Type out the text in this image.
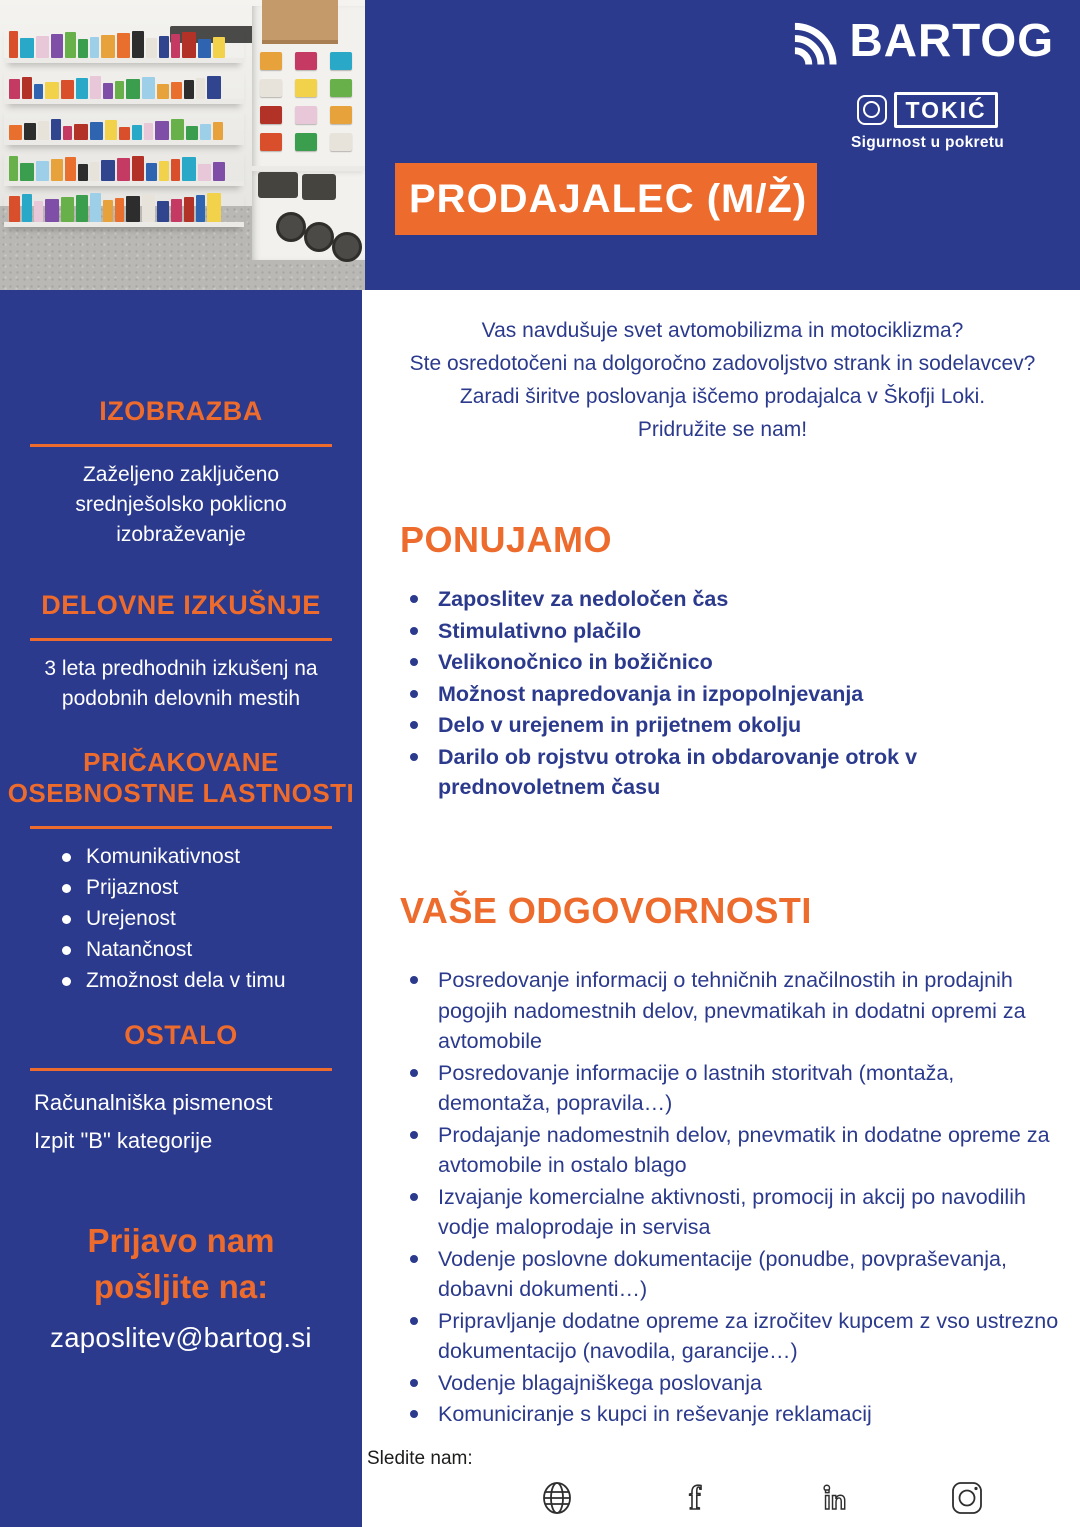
BARTOG
TOKIĆ
Sigurnost u pokretu
PRODAJALEC (M/Ž)
IZOBRAZBA

Zaželjeno zaključeno srednješolsko poklicno izobraževanje

DELOVNE IZKUŠNJE

3 leta predhodnih izkušenj na podobnih delovnih mestih

PRIČAKOVANE OSEBNOSTNE LASTNOSTI
Komunikativnost
Prijaznost
Urejenost
Natančnost
Zmožnost dela v timu
OSTALO
Računalniška pismenost
Izpit "B" kategorije
Prijavo nam pošljite na:
zaposlitev@bartog.si
Vas navdušuje svet avtomobilizma in motociklizma?
Ste osredotočeni na dolgoročno zadovoljstvo strank in sodelavcev?
Zaradi širitve poslovanja iščemo prodajalca v Škofji Loki.
Pridružite se nam!
PONUJAMO
Zaposlitev za nedoločen čas
Stimulativno plačilo
Velikonočnico in božičnico
Možnost napredovanja in izpopolnjevanja
Delo v urejenem in prijetnem okolju
Darilo ob rojstvu otroka in obdarovanje otrok v prednovoletnem času
VAŠE ODGOVORNOSTI
Posredovanje informacij o tehničnih značilnostih in prodajnih pogojih nadomestnih delov, pnevmatikah in dodatni opremi za avtomobile
Posredovanje informacije o lastnih storitvah (montaža, demontaža, popravila…)
Prodajanje nadomestnih delov, pnevmatik in dodatne opreme za avtomobile in ostalo blago
Izvajanje komercialne aktivnosti, promocij in akcij po navodilih vodje maloprodaje in servisa
Vodenje poslovne dokumentacije (ponudbe, povpraševanja, dobavni dokumenti…)
Pripravljanje dodatne opreme za izročitev kupcem z vso ustrezno dokumentacijo (navodila, garancije…)
Vodenje blagajniškega poslovanja
Komuniciranje s kupci in reševanje reklamacij
Sledite nam:
f	in
